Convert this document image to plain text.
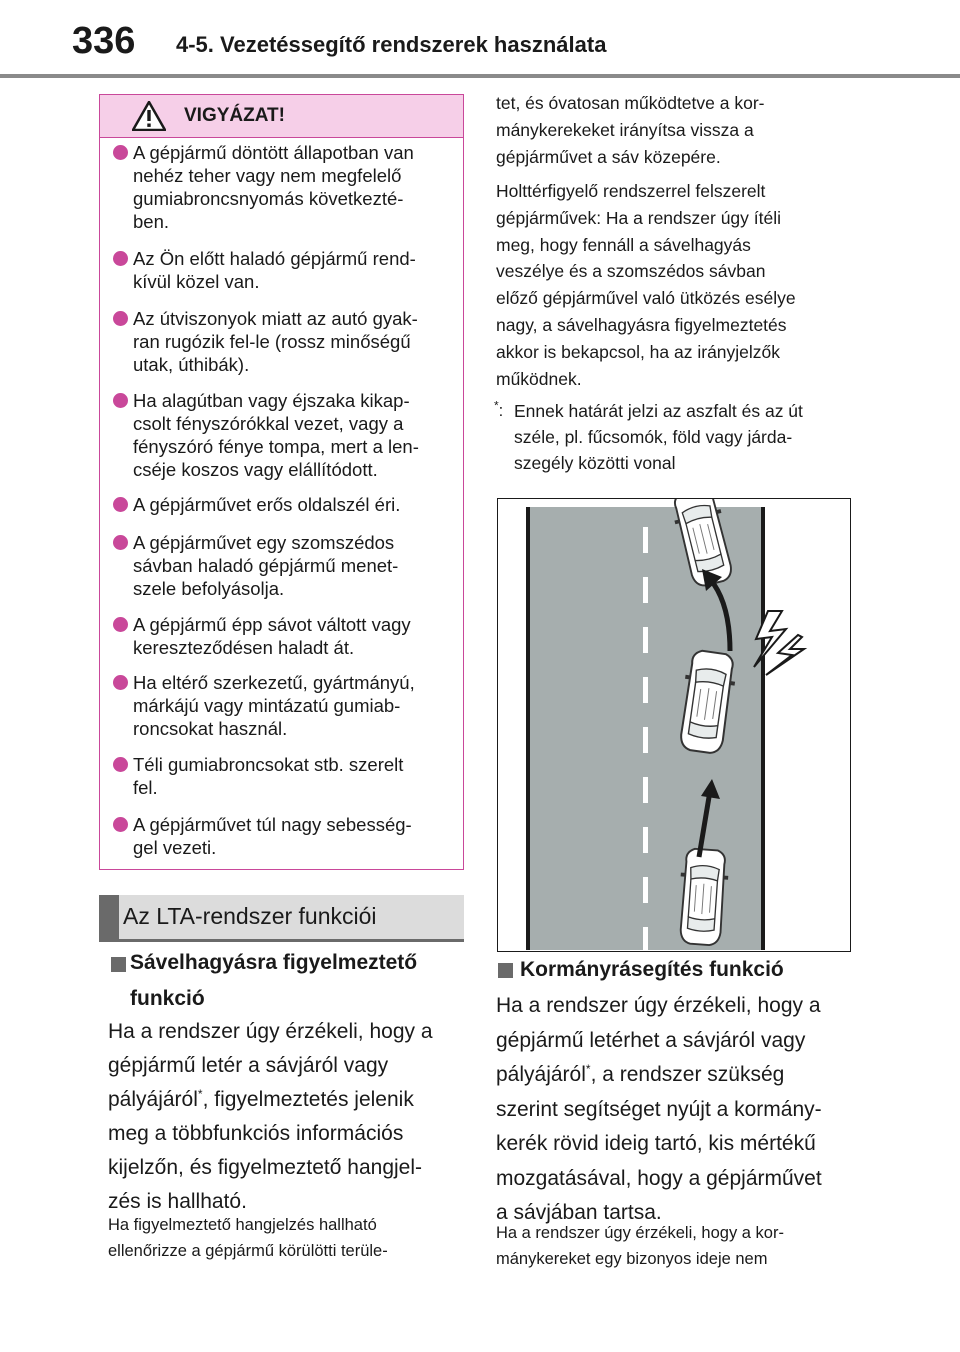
336 4-5. Vezetéssegítő rendszerek használata
VIGYÁZAT!
A gépjármű döntött állapotban van
nehéz teher vagy nem megfelelő
gumiabroncsnyomás következté-
ben.
Az Ön előtt haladó gépjármű rend-
kívül közel van.
Az útviszonyok miatt az autó gyak-
ran rugózik fel-le (rossz minőségű
utak, úthibák).
Ha alagútban vagy éjszaka kikap-
csolt fényszórókkal vezet, vagy a
fényszóró fénye tompa, mert a len-
cséje koszos vagy elállítódott.
A gépjárművet erős oldalszél éri.
A gépjárművet egy szomszédos
sávban haladó gépjármű menet-
szele befolyásolja.
A gépjármű épp sávot váltott vagy
kereszteződésen haladt át.
Ha eltérő szerkezetű, gyártmányú,
márkájú vagy mintázatú gumiab-
roncsokat használ.
Téli gumiabroncsokat stb. szerelt
fel.
A gépjárművet túl nagy sebesség-
gel vezeti.
Az LTA-rendszer funkciói
Sávelhagyásra figyelmeztető
funkció
Ha a rendszer úgy érzékeli, hogy a
gépjármű letér a sávjáról vagy
pályájáról*, figyelmeztetés jelenik
meg a többfunkciós információs
kijelzőn, és figyelmeztető hangjel-
zés is hallható.
Ha figyelmeztető hangjelzés hallható
ellenőrizze a gépjármű körülötti terüle-
tet, és óvatosan működtetve a kor-
mánykerekeket irányítsa vissza a
gépjárművet a sáv közepére.
Holttérfigyelő rendszerrel felszerelt
gépjárművek: Ha a rendszer úgy ítéli
meg, hogy fennáll a sávelhagyás
veszélye és a szomszédos sávban
előző gépjárművel való ütközés esélye
nagy, a sávelhagyásra figyelmeztetés
akkor is bekapcsol, ha az irányjelzők
működnek.
*: Ennek határát jelzi az aszfalt és az út
széle, pl. fűcsomók, föld vagy járda-
szegély közötti vonal
Kormányrásegítés funkció
Ha a rendszer úgy érzékeli, hogy a
gépjármű letérhet a sávjáról vagy
pályájáról*, a rendszer szükség
szerint segítséget nyújt a kormány-
kerék rövid ideig tartó, kis mértékű
mozgatásával, hogy a gépjárművet
a sávjában tartsa.
Ha a rendszer úgy érzékeli, hogy a kor-
mánykereket egy bizonyos ideje nem
